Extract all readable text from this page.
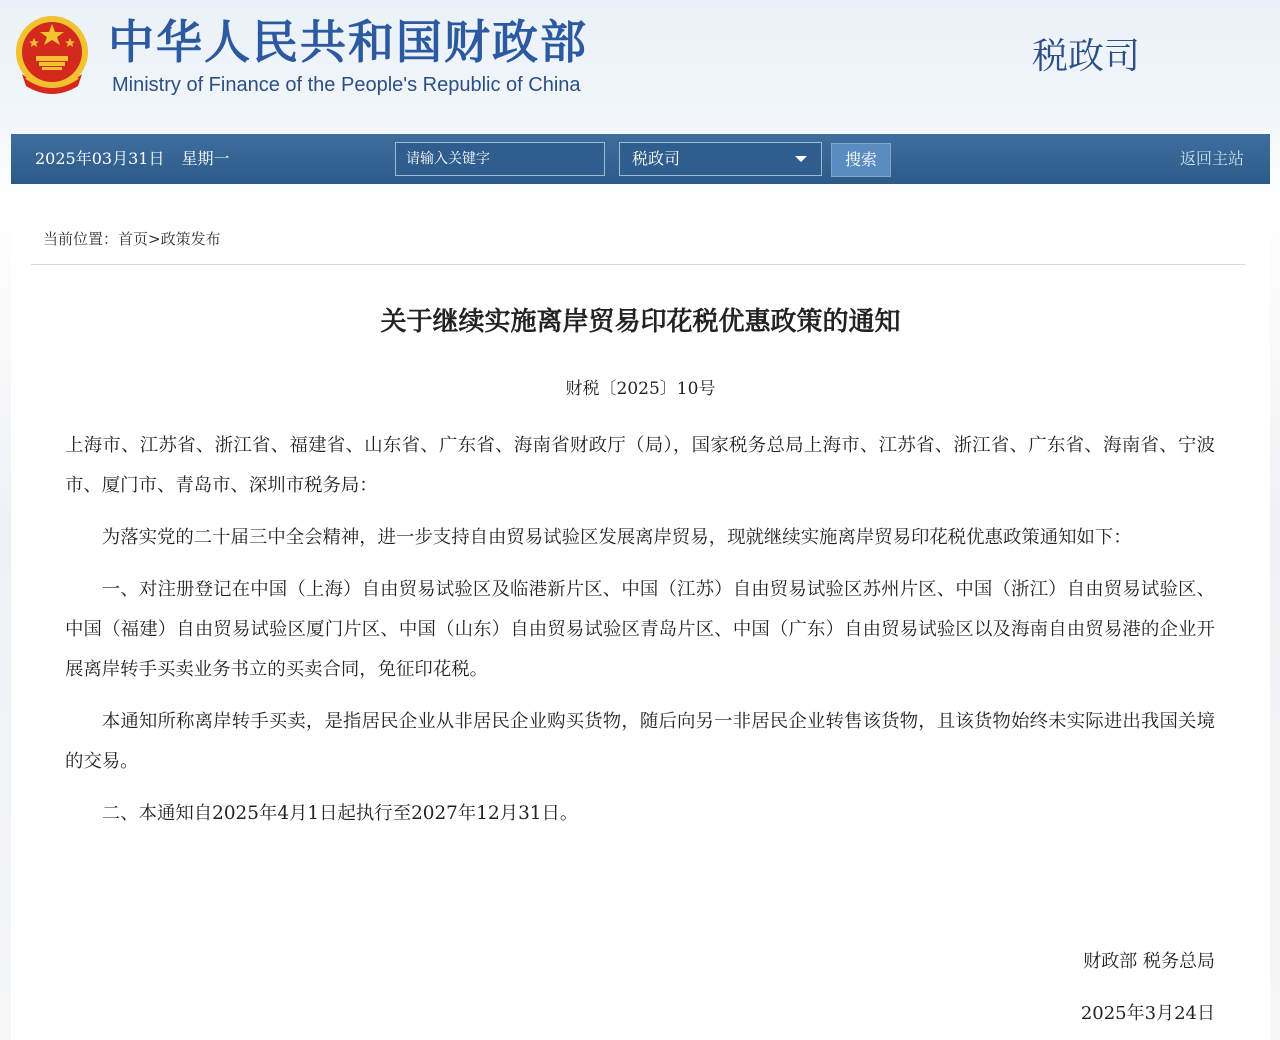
中华人民共和国财政部
Ministry of Finance of the People's Republic of China
税政司
2025年03月31日 星期一
请输入关键字	税政司	搜索	返回主站
当前位置：首页>政策发布
关于继续实施离岸贸易印花税优惠政策的通知
财税〔2025〕10号

上海市、江苏省、浙江省、福建省、山东省、广东省、海南省财政厅（局），国家税务总局上海市、江苏省、浙江省、广东省、海南省、宁波市、厦门市、青岛市、深圳市税务局：

为落实党的二十届三中全会精神，进一步支持自由贸易试验区发展离岸贸易，现就继续实施离岸贸易印花税优惠政策通知如下：

一、对注册登记在中国（上海）自由贸易试验区及临港新片区、中国（江苏）自由贸易试验区苏州片区、中国（浙江）自由贸易试验区、中国（福建）自由贸易试验区厦门片区、中国（山东）自由贸易试验区青岛片区、中国（广东）自由贸易试验区以及海南自由贸易港的企业开展离岸转手买卖业务书立的买卖合同，免征印花税。

本通知所称离岸转手买卖，是指居民企业从非居民企业购买货物，随后向另一非居民企业转售该货物，且该货物始终未实际进出我国关境的交易。

二、本通知自2025年4月1日起执行至2027年12月31日。

财政部 税务总局
2025年3月24日
